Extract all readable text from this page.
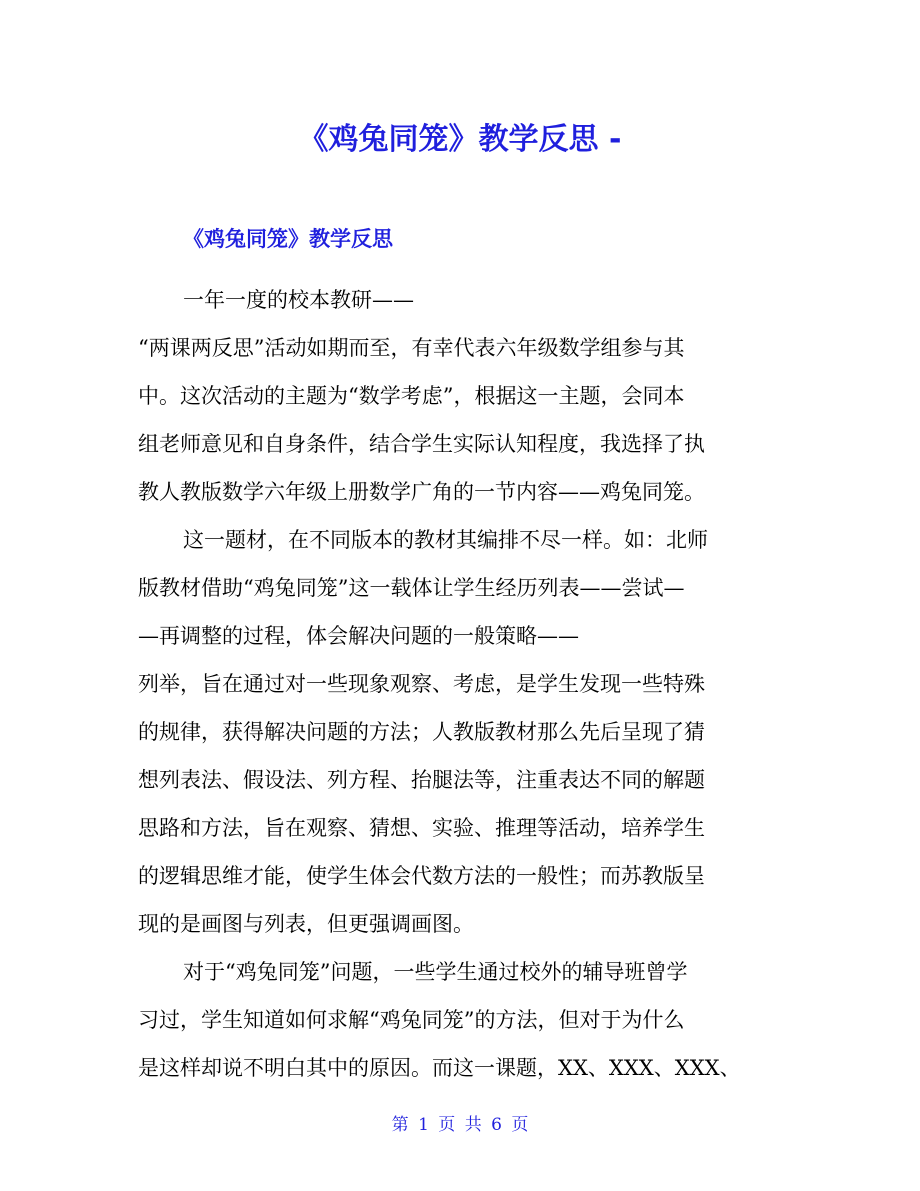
《鸡兔同笼》教学反思 -
《鸡兔同笼》教学反思
一年一度的校本教研——
“两课两反思”活动如期而至，有幸代表六年级数学组参与其
中。这次活动的主题为“数学考虑”，根据这一主题，会同本
组老师意见和自身条件，结合学生实际认知程度，我选择了执
教人教版数学六年级上册数学广角的一节内容——鸡兔同笼。
这一题材，在不同版本的教材其编排不尽一样。如：北师
版教材借助“鸡兔同笼”这一载体让学生经历列表——尝试—
—再调整的过程，体会解决问题的一般策略——
列举，旨在通过对一些现象观察、考虑，是学生发现一些特殊
的规律，获得解决问题的方法；人教版教材那么先后呈现了猜
想列表法、假设法、列方程、抬腿法等，注重表达不同的解题
思路和方法，旨在观察、猜想、实验、推理等活动，培养学生
的逻辑思维才能，使学生体会代数方法的一般性；而苏教版呈
现的是画图与列表，但更强调画图。
对于“鸡兔同笼”问题，一些学生通过校外的辅导班曾学
习过，学生知道如何求解“鸡兔同笼”的方法，但对于为什么
是这样却说不明白其中的原因。而这一课题，XX、XXX、XXX、
第 1 页 共 6 页
